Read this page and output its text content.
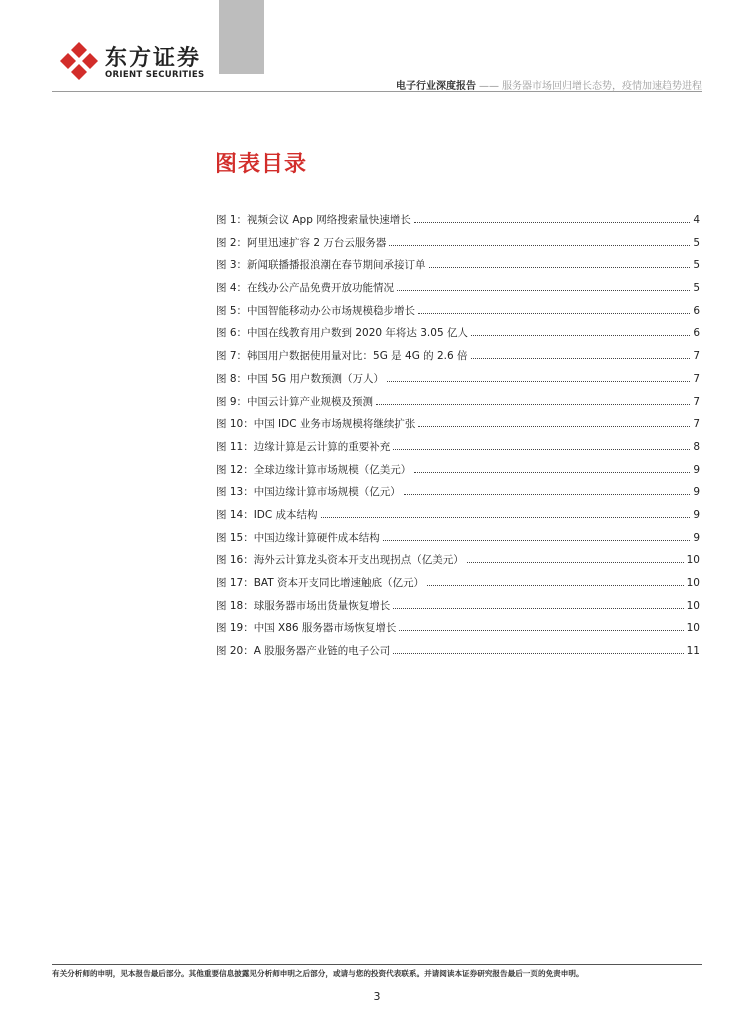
东方证券
ORIENT SECURITIES
电子行业深度报告 —— 服务器市场回归增长态势，疫情加速趋势进程
图表目录
图 1：视频会议 App 网络搜索量快速增长	4
图 2：阿里迅速扩容 2 万台云服务器	5
图 3：新闻联播播报浪潮在春节期间承接订单	5
图 4：在线办公产品免费开放功能情况	5
图 5：中国智能移动办公市场规模稳步增长	6
图 6：中国在线教育用户数到 2020 年将达 3.05 亿人	6
图 7：韩国用户数据使用量对比：5G 是 4G 的 2.6 倍	7
图 8：中国 5G 用户数预测（万人）	7
图 9：中国云计算产业规模及预测	7
图 10：中国 IDC 业务市场规模将继续扩张	7
图 11：边缘计算是云计算的重要补充	8
图 12：全球边缘计算市场规模（亿美元）	9
图 13：中国边缘计算市场规模（亿元）	9
图 14：IDC 成本结构	9
图 15：中国边缘计算硬件成本结构	9
图 16：海外云计算龙头资本开支出现拐点（亿美元）	10
图 17：BAT 资本开支同比增速触底（亿元）	10
图 18：球服务器市场出货量恢复增长	10
图 19：中国 X86 服务器市场恢复增长	10
图 20：A 股服务器产业链的电子公司	11
有关分析师的申明，见本报告最后部分。其他重要信息披露见分析师申明之后部分，或请与您的投资代表联系。并请阅读本证券研究报告最后一页的免责申明。
3
